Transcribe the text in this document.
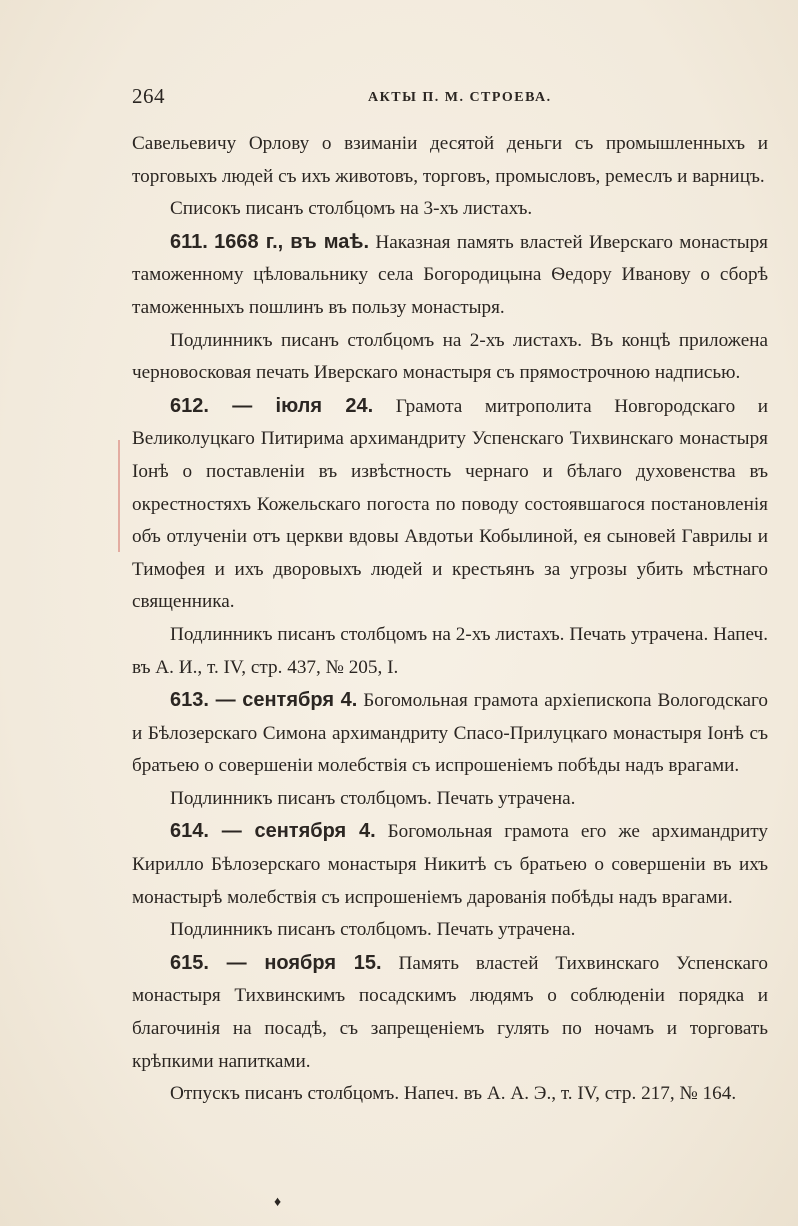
264	АКТЫ П. М. СТРОЕВА.

Савельевичу Орлову о взиманіи десятой деньги съ промышленныхъ и торговыхъ людей съ ихъ животовъ, торговъ, промысловъ, ремеслъ и варницъ.

Списокъ писанъ столбцомъ на 3-хъ листахъ.

611. 1668 г., въ маѣ. Наказная память властей Иверскаго монастыря таможенному цѣловальнику села Богородицына Ѳедору Иванову о сборѣ таможенныхъ пошлинъ въ пользу монастыря.

Подлинникъ писанъ столбцомъ на 2-хъ листахъ. Въ концѣ приложена черновосковая печать Иверскаго монастыря съ прямострочною надписью.

612. — іюля 24. Грамота митрополита Новгородскаго и Великолуцкаго Питирима архимандриту Успенскаго Тихвинскаго монастыря Іонѣ о поставленіи въ извѣстность чернаго и бѣлаго духовенства въ окрестностяхъ Кожельскаго погоста по поводу состоявшагося постановленія объ отлученіи отъ церкви вдовы Авдотьи Кобылиной, ея сыновей Гаврилы и Тимофея и ихъ дворовыхъ людей и крестьянъ за угрозы убить мѣстнаго священника.

Подлинникъ писанъ столбцомъ на 2-хъ листахъ. Печать утрачена. Напеч. въ А. И., т. IV, стр. 437, № 205, I.

613. — сентября 4. Богомольная грамота архіепископа Вологодскаго и Бѣлозерскаго Симона архимандриту Спасо-Прилуцкаго монастыря Іонѣ съ братьею о совершеніи молебствія съ испрошеніемъ побѣды надъ врагами.

Подлинникъ писанъ столбцомъ. Печать утрачена.

614. — сентября 4. Богомольная грамота его же архимандриту Кирилло Бѣлозерскаго монастыря Никитѣ съ братьею о совершеніи въ ихъ монастырѣ молебствія съ испрошеніемъ дарованія побѣды надъ врагами.

Подлинникъ писанъ столбцомъ. Печать утрачена.

615. — ноября 15. Память властей Тихвинскаго Успенскаго монастыря Тихвинскимъ посадскимъ людямъ о соблюденіи порядка и благочинія на посадѣ, съ запрещеніемъ гулять по ночамъ и торговать крѣпкими напитками.

Отпускъ писанъ столбцомъ. Напеч. въ А. А. Э., т. IV, стр. 217, № 164.

♦
